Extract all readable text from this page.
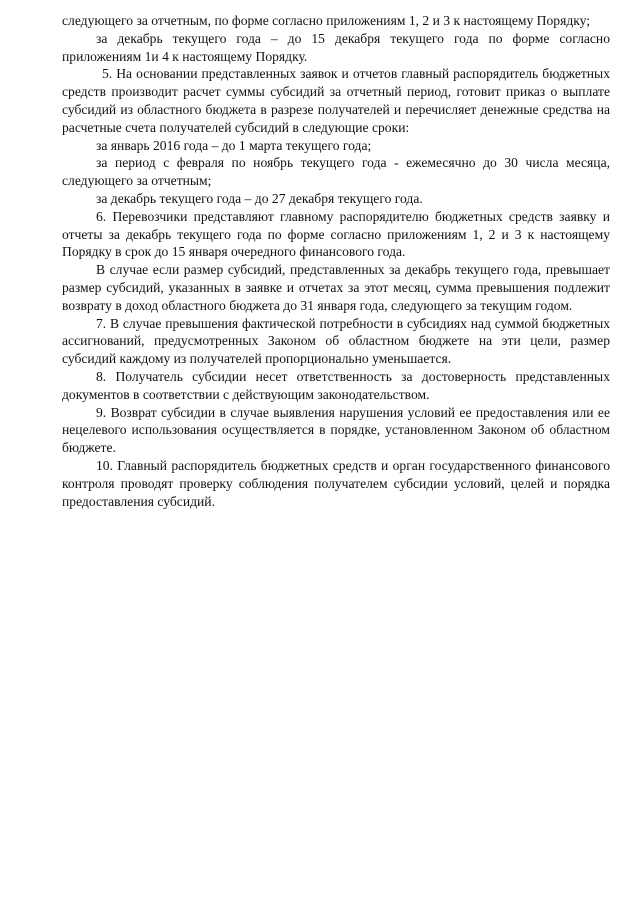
следующего за отчетным, по форме согласно приложениям 1, 2 и 3 к настоящему Порядку;

за декабрь текущего года – до 15 декабря текущего года по форме согласно приложениям 1и 4 к настоящему Порядку.

5. На основании представленных заявок и отчетов главный распорядитель бюджетных средств производит расчет суммы субсидий за отчетный период, готовит приказ о выплате субсидий из областного бюджета в разрезе получателей и перечисляет денежные средства на расчетные счета получателей субсидий в следующие сроки:

за январь 2016 года – до 1 марта текущего года;

за период с февраля по ноябрь текущего года - ежемесячно до 30 числа месяца, следующего за отчетным;

за декабрь текущего года – до 27 декабря текущего года.

6. Перевозчики представляют главному распорядителю бюджетных средств заявку и отчеты за декабрь текущего года по форме согласно приложениям 1, 2 и 3 к настоящему Порядку в срок до 15 января очередного финансового года.

В случае если размер субсидий, представленных за декабрь текущего года, превышает размер субсидий, указанных в заявке и отчетах за этот месяц, сумма превышения подлежит возврату в доход областного бюджета до 31 января года, следующего за текущим годом.

7. В случае превышения фактической потребности в субсидиях над суммой бюджетных ассигнований, предусмотренных Законом об областном бюджете на эти цели, размер субсидий каждому из получателей пропорционально уменьшается.

8. Получатель субсидии несет ответственность за достоверность представленных документов в соответствии с действующим законодательством.

9. Возврат субсидии в случае выявления нарушения условий ее предоставления или ее нецелевого использования осуществляется в порядке, установленном Законом об областном бюджете.

10. Главный распорядитель бюджетных средств и орган государственного финансового контроля проводят проверку соблюдения получателем субсидии условий, целей и порядка предоставления субсидий.
